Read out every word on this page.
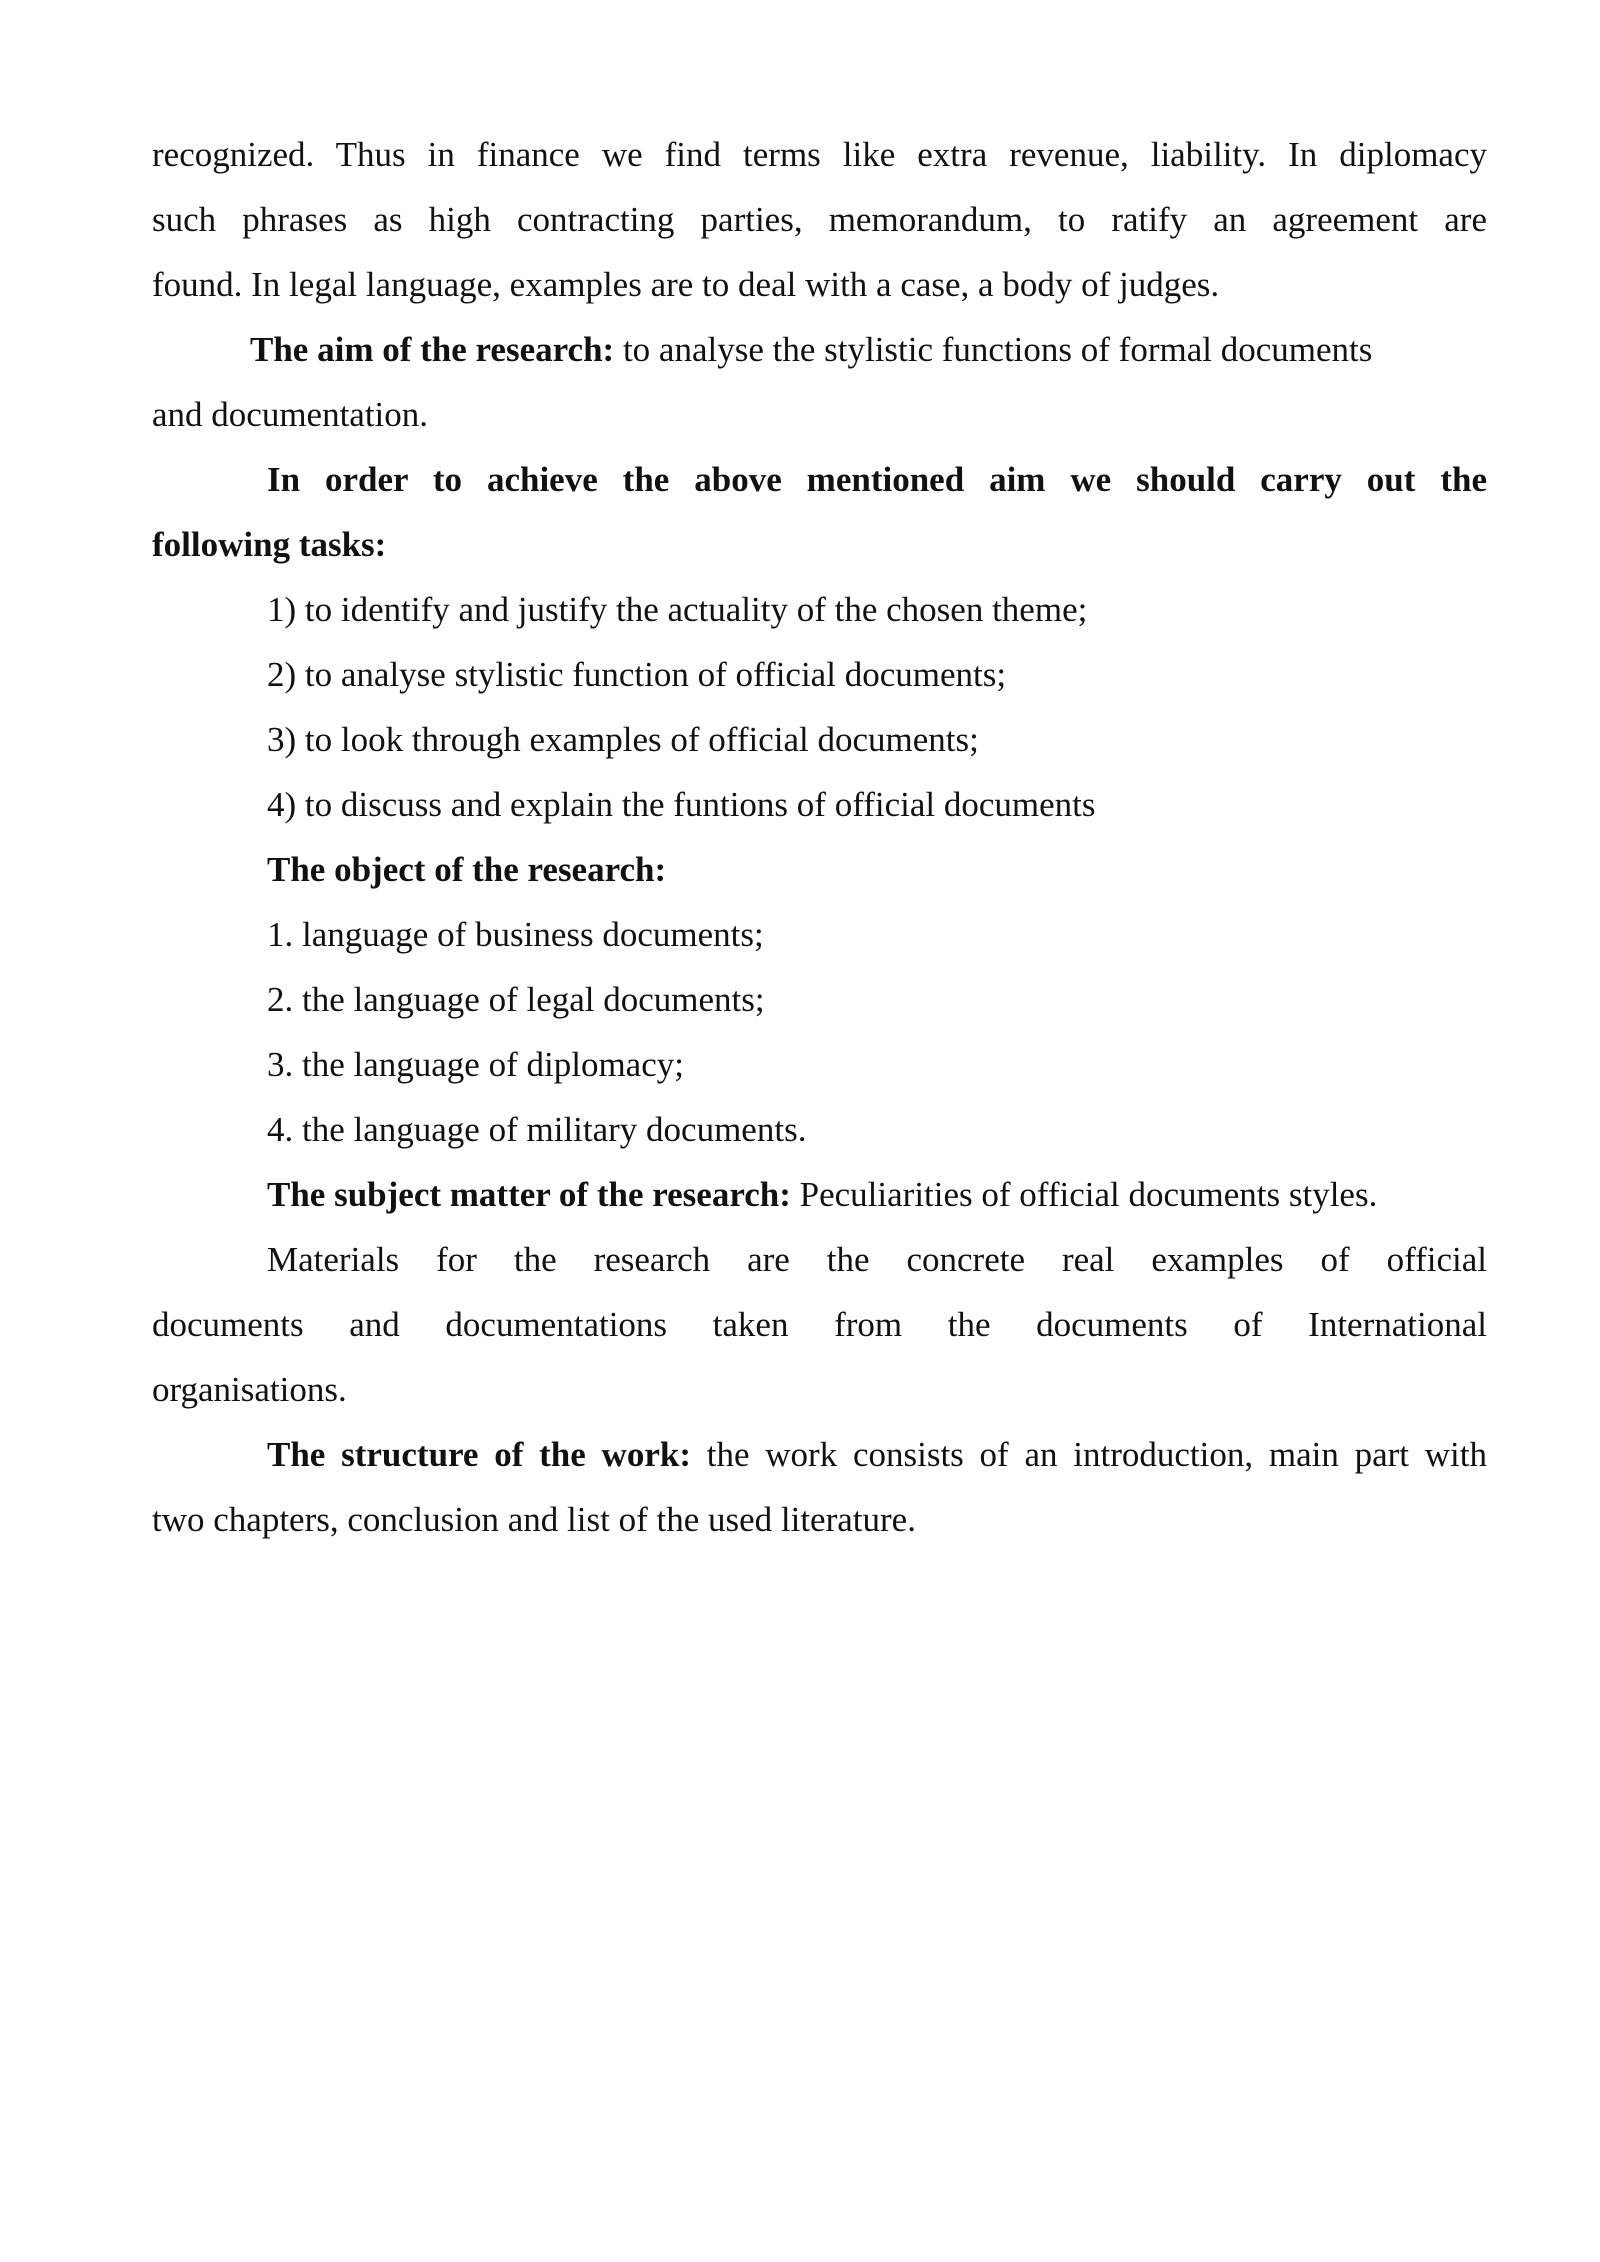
recognized. Thus in finance we find terms like extra revenue, liability. In diplomacy
such phrases as high contracting parties, memorandum, to ratify an agreement are
found. In legal language, examples are to deal with a case, a body of judges.
The aim of the research: to analyse the stylistic functions of formal documents
and documentation.
In order to achieve the above mentioned aim we should carry out the
following tasks:
1) to identify and justify the actuality of the chosen theme;
2) to analyse stylistic function of official documents;
3) to look through examples of official documents;
4) to discuss and explain the funtions of official documents
The object of the research:
1. language of business documents;
2. the language of legal documents;
3. the language of diplomacy;
4. the language of military documents.
The subject matter of the research: Peculiarities of official documents styles.
Materials for the research are the concrete real examples of official
documents and documentations taken from the documents of International
organisations.
The structure of the work: the work consists of an introduction, main part with
two chapters, conclusion and list of the used literature.
